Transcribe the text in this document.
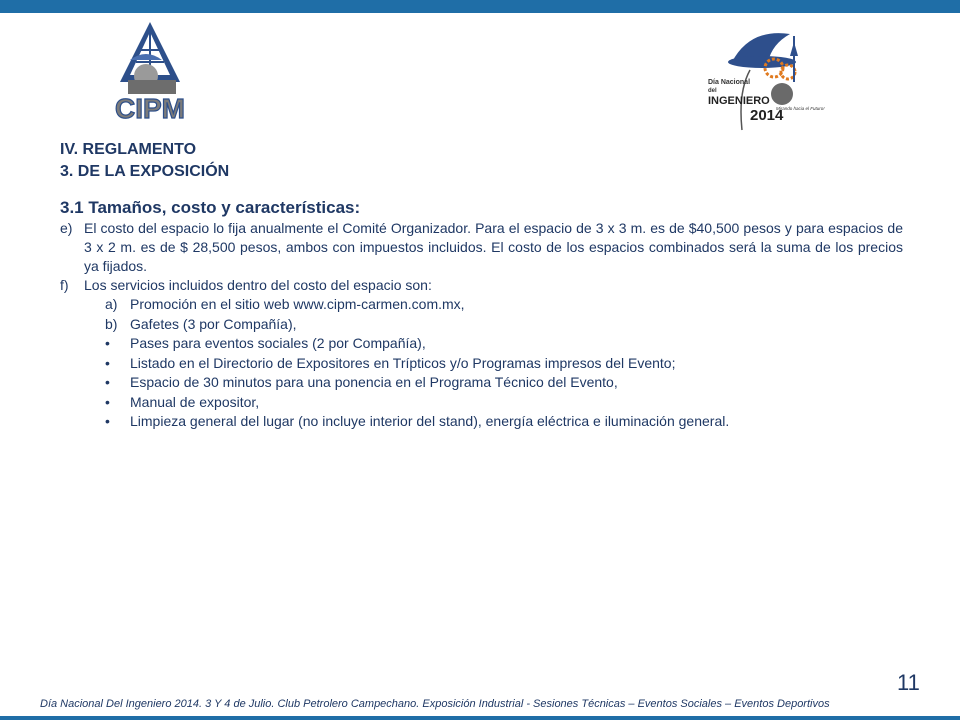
CIPM
Día Nacional
del
INGENIERO
2014
Mirando hacia el Futuro!
IV. REGLAMENTO
3. DE LA EXPOSICIÓN
3.1 Tamaños, costo y características:
e) El costo del espacio lo fija anualmente el Comité Organizador. Para el espacio de 3 x 3 m. es de $40,500 pesos y para espacios de 3 x 2 m. es de $ 28,500 pesos, ambos con impuestos incluidos. El costo de los espacios combinados será la suma de los precios ya fijados.
f)	Los servicios incluidos dentro del costo del espacio son:
a) Promoción en el sitio web www.cipm-carmen.com.mx,
b) Gafetes (3 por Compañía),
•	Pases para eventos sociales (2 por Compañía),
•	Listado en el Directorio de Expositores en Trípticos y/o Programas impresos del Evento;
•	Espacio de 30 minutos para una ponencia en el Programa Técnico del Evento,
•	Manual de expositor,
•	Limpieza general del lugar (no incluye interior del stand), energía eléctrica e iluminación general.
11
Día Nacional Del Ingeniero 2014. 3 Y 4 de Julio. Club Petrolero Campechano. Exposición Industrial - Sesiones Técnicas – Eventos Sociales – Eventos Deportivos
